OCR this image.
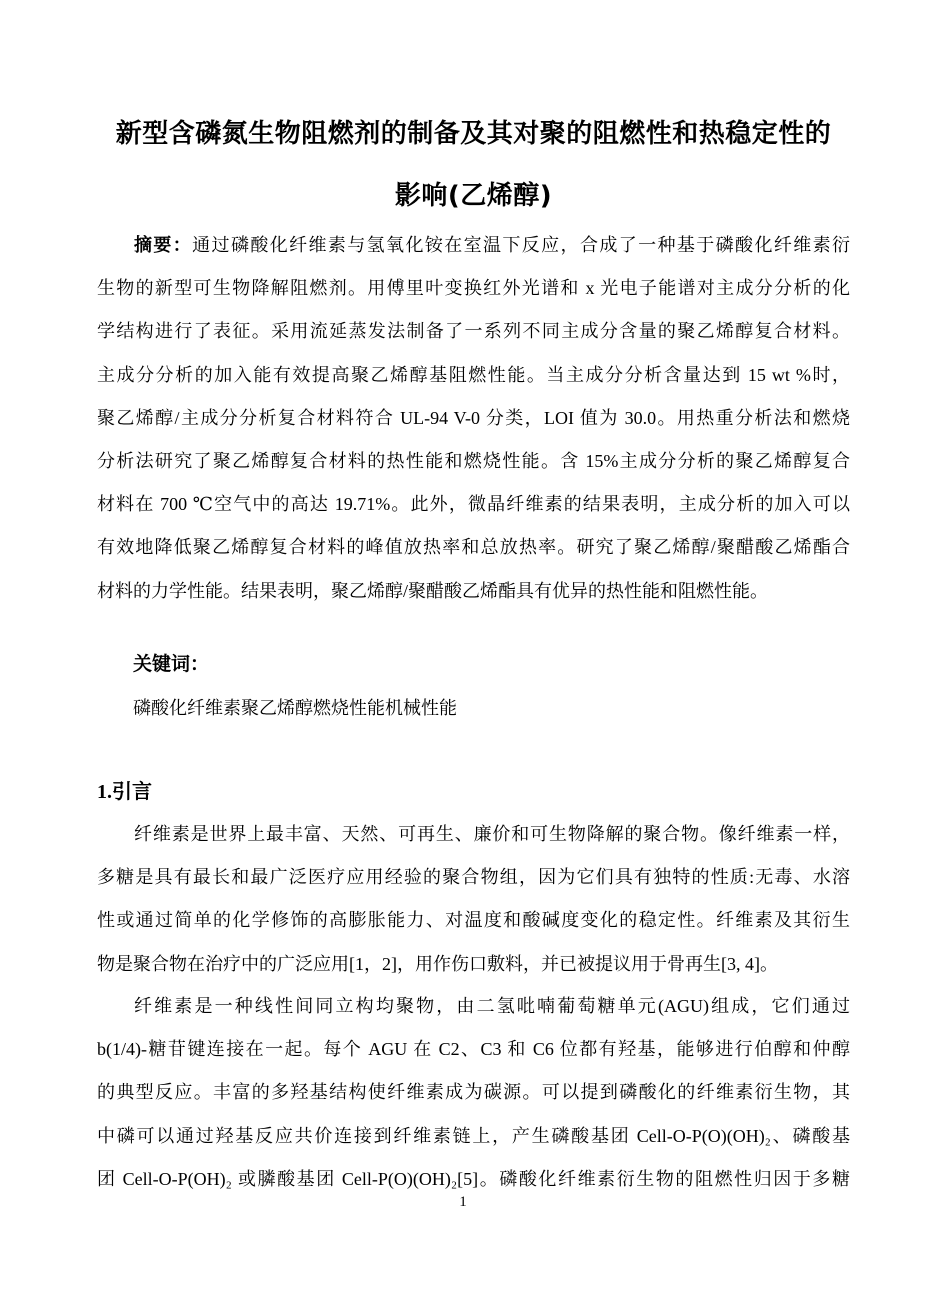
新型含磷氮生物阻燃剂的制备及其对聚的阻燃性和热稳定性的
影响(乙烯醇)
摘要：通过磷酸化纤维素与氢氧化铵在室温下反应，合成了一种基于磷酸化纤维素衍
生物的新型可生物降解阻燃剂。用傅里叶变换红外光谱和 x 光电子能谱对主成分分析的化
学结构进行了表征。采用流延蒸发法制备了一系列不同主成分含量的聚乙烯醇复合材料。
主成分分析的加入能有效提高聚乙烯醇基阻燃性能。当主成分分析含量达到 15 wt %时，
聚乙烯醇/主成分分析复合材料符合 UL-94 V-0 分类，LOI 值为 30.0。用热重分析法和燃烧
分析法研究了聚乙烯醇复合材料的热性能和燃烧性能。含 15%主成分分析的聚乙烯醇复合
材料在 700 ℃空气中的高达 19.71%。此外，微晶纤维素的结果表明，主成分析的加入可以
有效地降低聚乙烯醇复合材料的峰值放热率和总放热率。研究了聚乙烯醇/聚醋酸乙烯酯合
材料的力学性能。结果表明，聚乙烯醇/聚醋酸乙烯酯具有优异的热性能和阻燃性能。
关键词：
磷酸化纤维素聚乙烯醇燃烧性能机械性能
1.引言
纤维素是世界上最丰富、天然、可再生、廉价和可生物降解的聚合物。像纤维素一样，
多糖是具有最长和最广泛医疗应用经验的聚合物组，因为它们具有独特的性质:无毒、水溶
性或通过简单的化学修饰的高膨胀能力、对温度和酸碱度变化的稳定性。纤维素及其衍生
物是聚合物在治疗中的广泛应用[1，2]，用作伤口敷料，并已被提议用于骨再生[3, 4]。
纤维素是一种线性间同立构均聚物，由二氢吡喃葡萄糖单元(AGU)组成，它们通过
b(1/4)-糖苷键连接在一起。每个 AGU 在 C2、C3 和 C6 位都有羟基，能够进行伯醇和仲醇
的典型反应。丰富的多羟基结构使纤维素成为碳源。可以提到磷酸化的纤维素衍生物，其
中磷可以通过羟基反应共价连接到纤维素链上，产生磷酸基团 Cell-O-P(O)(OH)₂、磷酸基
团 Cell-O-P(OH)₂ 或膦酸基团 Cell-P(O)(OH)₂[5]。磷酸化纤维素衍生物的阻燃性归因于多糖
1
